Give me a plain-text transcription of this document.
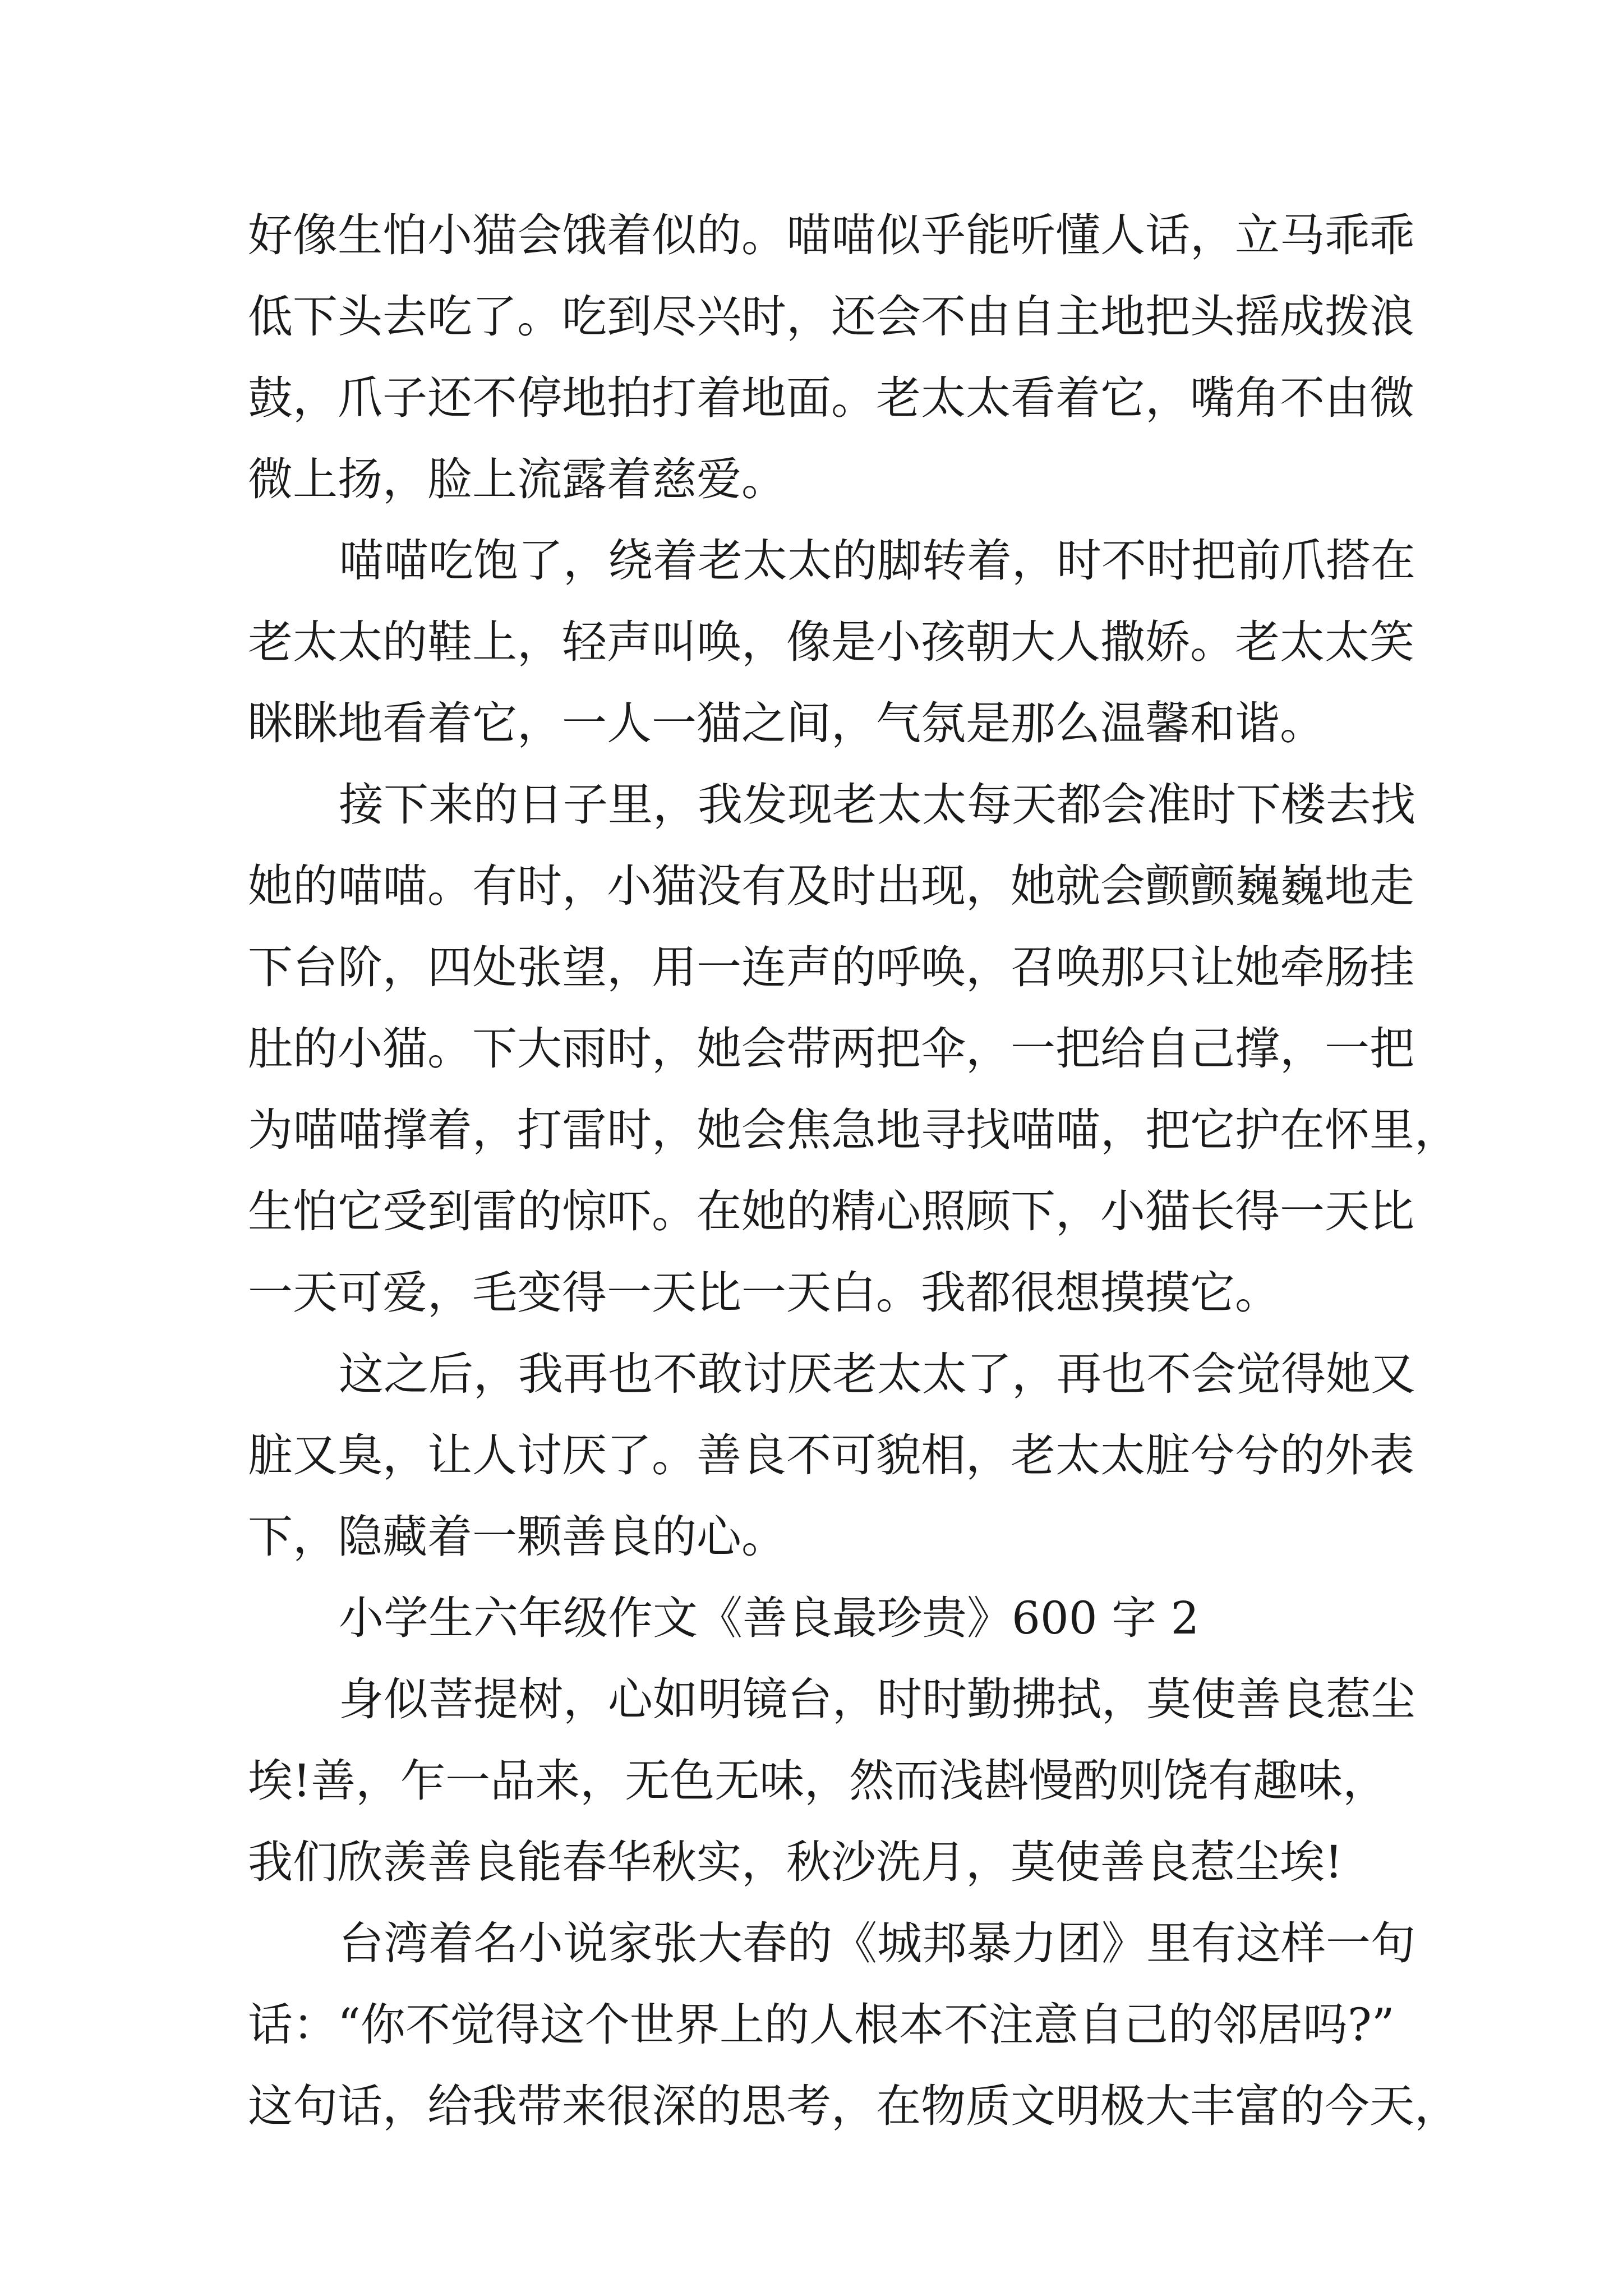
好像生怕小猫会饿着似的。喵喵似乎能听懂人话，立马乖乖
低下头去吃了。吃到尽兴时，还会不由自主地把头摇成拨浪
鼓，爪子还不停地拍打着地面。老太太看着它，嘴角不由微
微上扬，脸上流露着慈爱。
喵喵吃饱了，绕着老太太的脚转着，时不时把前爪搭在
老太太的鞋上，轻声叫唤，像是小孩朝大人撒娇。老太太笑
眯眯地看着它，一人一猫之间，气氛是那么温馨和谐。
接下来的日子里，我发现老太太每天都会准时下楼去找
她的喵喵。有时，小猫没有及时出现，她就会颤颤巍巍地走
下台阶，四处张望，用一连声的呼唤，召唤那只让她牵肠挂
肚的小猫。下大雨时，她会带两把伞，一把给自己撑，一把
为喵喵撑着，打雷时，她会焦急地寻找喵喵，把它护在怀里，
生怕它受到雷的惊吓。在她的精心照顾下，小猫长得一天比
一天可爱，毛变得一天比一天白。我都很想摸摸它。
这之后，我再也不敢讨厌老太太了，再也不会觉得她又
脏又臭，让人讨厌了。善良不可貌相，老太太脏兮兮的外表
下，隐藏着一颗善良的心。
小学生六年级作文《善良最珍贵》600 字 2
身似菩提树，心如明镜台，时时勤拂拭，莫使善良惹尘
埃!善，乍一品来，无色无味，然而浅斟慢酌则饶有趣味，
我们欣羡善良能春华秋实，秋沙洗月，莫使善良惹尘埃!
台湾着名小说家张大春的《城邦暴力团》里有这样一句
话：“你不觉得这个世界上的人根本不注意自己的邻居吗?”
这句话，给我带来很深的思考，在物质文明极大丰富的今天，
